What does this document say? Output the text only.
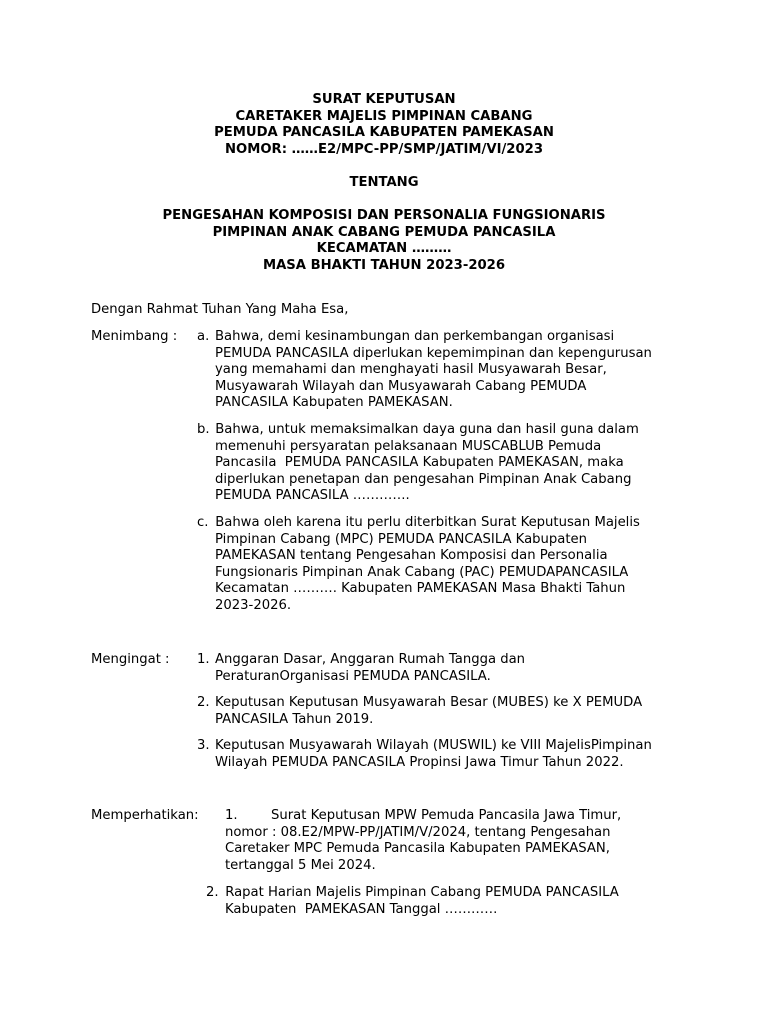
SURAT KEPUTUSAN
CARETAKER MAJELIS PIMPINAN CABANG
PEMUDA PANCASILA KABUPATEN PAMEKASAN
NOMOR: ……E2/MPC-PP/SMP/JATIM/VI/2023
TENTANG
PENGESAHAN KOMPOSISI DAN PERSONALIA FUNGSIONARIS
PIMPINAN ANAK CABANG PEMUDA PANCASILA
KECAMATAN ………
MASA BHAKTI TAHUN 2023-2026
Dengan Rahmat Tuhan Yang Maha Esa,
Menimbang : a. Bahwa, demi kesinambungan dan perkembangan organisasi
PEMUDA PANCASILA diperlukan kepemimpinan dan kepengurusan
yang memahami dan menghayati hasil Musyawarah Besar,
Musyawarah Wilayah dan Musyawarah Cabang PEMUDA
PANCASILA Kabupaten PAMEKASAN.
b. Bahwa, untuk memaksimalkan daya guna dan hasil guna dalam
memenuhi persyaratan pelaksanaan MUSCABLUB Pemuda
Pancasila  PEMUDA PANCASILA Kabupaten PAMEKASAN, maka
diperlukan penetapan dan pengesahan Pimpinan Anak Cabang
PEMUDA PANCASILA ………….
c. Bahwa oleh karena itu perlu diterbitkan Surat Keputusan Majelis
Pimpinan Cabang (MPC) PEMUDA PANCASILA Kabupaten
PAMEKASAN tentang Pengesahan Komposisi dan Personalia
Fungsionaris Pimpinan Anak Cabang (PAC) PEMUDAPANCASILA
Kecamatan ………. Kabupaten PAMEKASAN Masa Bhakti Tahun
2023-2026.
Mengingat : 1. Anggaran Dasar, Anggaran Rumah Tangga dan
PeraturanOrganisasi PEMUDA PANCASILA.
2. Keputusan Keputusan Musyawarah Besar (MUBES) ke X PEMUDA
PANCASILA Tahun 2019.
3. Keputusan Musyawarah Wilayah (MUSWIL) ke VIII MajelisPimpinan
Wilayah PEMUDA PANCASILA Propinsi Jawa Timur Tahun 2022.
Memperhatikan: 1.	Surat Keputusan MPW Pemuda Pancasila Jawa Timur,
nomor : 08.E2/MPW-PP/JATIM/V/2024, tentang Pengesahan
Caretaker MPC Pemuda Pancasila Kabupaten PAMEKASAN,
tertanggal 5 Mei 2024.
2. Rapat Harian Majelis Pimpinan Cabang PEMUDA PANCASILA
Kabupaten  PAMEKASAN Tanggal …………
